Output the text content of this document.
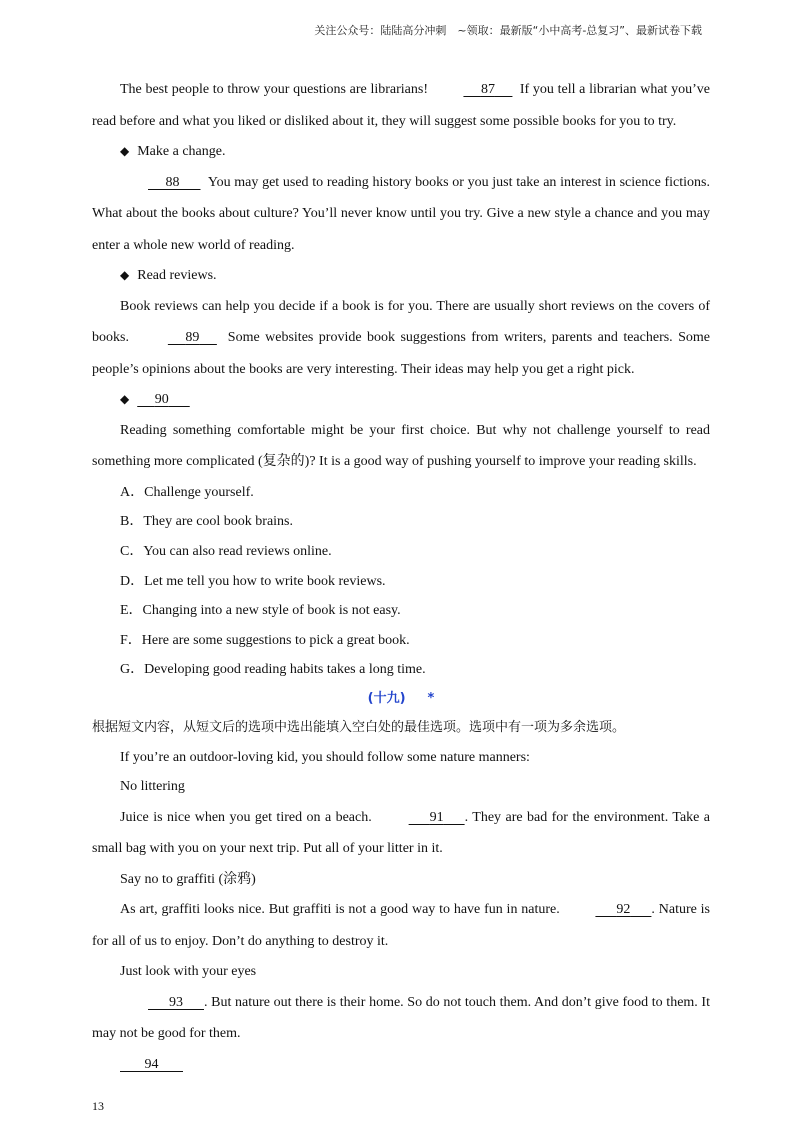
关注公众号：陆陆高分冲刺　~领取：最新版“小中高考-总复习”、最新试卷下载

The best people to throw your questions are librarians!	87 If you tell a librarian what you’ve read before and what you liked or disliked about it, they will suggest some possible books for you to try.

◆ Make a change.

88 You may get used to reading history books or you just take an interest in science fictions. What about the books about culture? You’ll never know until you try. Give a new style a chance and you may enter a whole new world of reading.

◆ Read reviews.

Book reviews can help you decide if a book is for you. There are usually short reviews on the covers of books.	89 Some websites provide book suggestions from writers, parents and teachers. Some people’s opinions about the books are very interesting. Their ideas may help you get a right pick.

◆ 90

Reading something comfortable might be your first choice. But why not challenge yourself to read something more complicated (复杂的)? It is a good way of pushing yourself to improve your reading skills.

A．Challenge yourself.

B．They are cool book brains.

C．You can also read reviews online.

D．Let me tell you how to write book reviews.

E．Changing into a new style of book is not easy.

F．Here are some suggestions to pick a great book.

G．Developing good reading habits takes a long time.

(十九) *

根据短文内容，从短文后的选项中选出能填入空白处的最佳选项。选项中有一项为多余选项。

If you’re an outdoor-loving kid, you should follow some nature manners:

No littering

Juice is nice when you get tired on a beach.	91 . They are bad for the environment. Take a small bag with you on your next trip. Put all of your litter in it.

Say no to graffiti (涂鸦)

As art, graffiti looks nice. But graffiti is not a good way to have fun in nature.	92 . Nature is for all of us to enjoy. Don’t do anything to destroy it.

Just look with your eyes

93 . But nature out there is their home. So do not touch them. And don’t give food to them. It may not be good for them.

94

13
